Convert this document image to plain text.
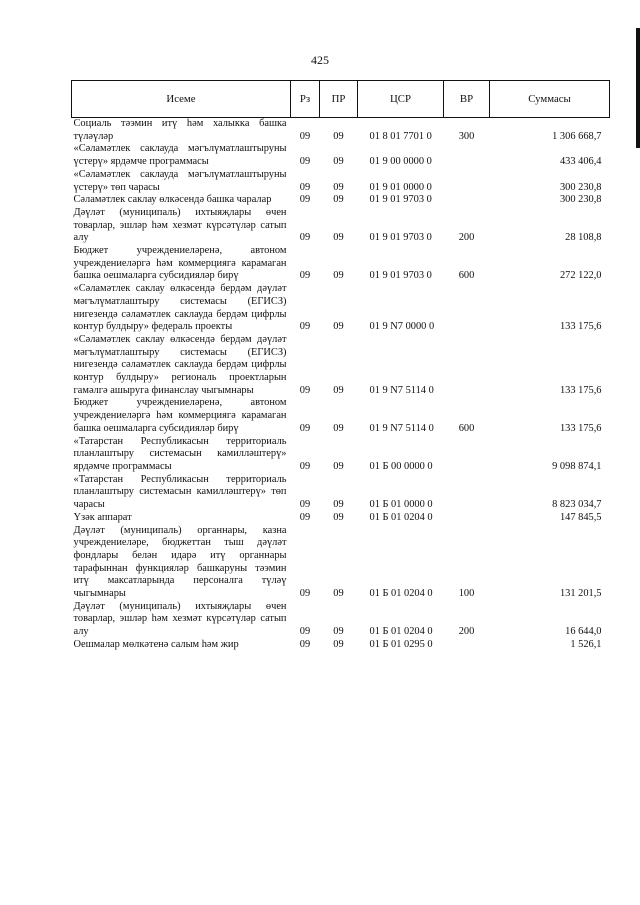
425
Исеме	Рз	ПР	ЦСР	ВР	Суммасы
Социаль тәэмин итү һәм халыкка башка түләүләр	09	09	01 8 01 7701 0	300	1 306 668,7
«Сәламәтлек саклауда мәгълүматлаштыруны үстерү» ярдәмче программасы	09	09	01 9 00 0000 0		433 406,4
«Сәламәтлек саклауда мәгълүматлаштыруны үстерү» төп чарасы	09	09	01 9 01 0000 0		300 230,8
Сәламәтлек саклау өлкәсендә башка чаралар	09	09	01 9 01 9703 0		300 230,8
Дәүләт (муниципаль) ихтыяҗлары өчен товарлар, эшләр һәм хезмәт күрсәтүләр сатып алу	09	09	01 9 01 9703 0	200	28 108,8
Бюджет учреждениеләренә, автоном учреждениеләргә һәм коммерциягә карамаган башка оешмаларга субсидияләр бирү	09	09	01 9 01 9703 0	600	272 122,0
«Сәламәтлек саклау өлкәсендә бердәм дәүләт мәгълүматлаштыру системасы (ЕГИСЗ) нигезендә сәламәтлек саклауда бердәм цифрлы контур булдыру» федераль проекты	09	09	01 9 N7 0000 0		133 175,6
«Сәламәтлек саклау өлкәсендә бердәм дәүләт мәгълүматлаштыру системасы (ЕГИСЗ) нигезендә сәламәтлек саклауда бердәм цифрлы контур булдыру» региональ проектларын гамәлгә ашыруга финанслау чыгымнары	09	09	01 9 N7 5114 0		133 175,6
Бюджет учреждениеләренә, автоном учреждениеләргә һәм коммерциягә карамаган башка оешмаларга субсидияләр бирү	09	09	01 9 N7 5114 0	600	133 175,6
«Татарстан Республикасын территориаль планлаштыру системасын камилләштерү» ярдәмче программасы	09	09	01 Б 00 0000 0		9 098 874,1
«Татарстан Республикасын территориаль планлаштыру системасын камилләштерү» төп чарасы	09	09	01 Б 01 0000 0		8 823 034,7
Үзәк аппарат	09	09	01 Б 01 0204 0		147 845,5
Дәүләт (муниципаль) органнары, казна учреждениеләре, бюджеттан тыш дәүләт фондлары белән идарә итү органнары тарафыннан функцияләр башкаруны тәэмин итү максатларында персоналга түләү чыгымнары	09	09	01 Б 01 0204 0	100	131 201,5
Дәүләт (муниципаль) ихтыяҗлары өчен товарлар, эшләр һәм хезмәт күрсәтүләр сатып алу	09	09	01 Б 01 0204 0	200	16 644,0
Оешмалар мөлкәтенә салым һәм жир	09	09	01 Б 01 0295 0		1 526,1
